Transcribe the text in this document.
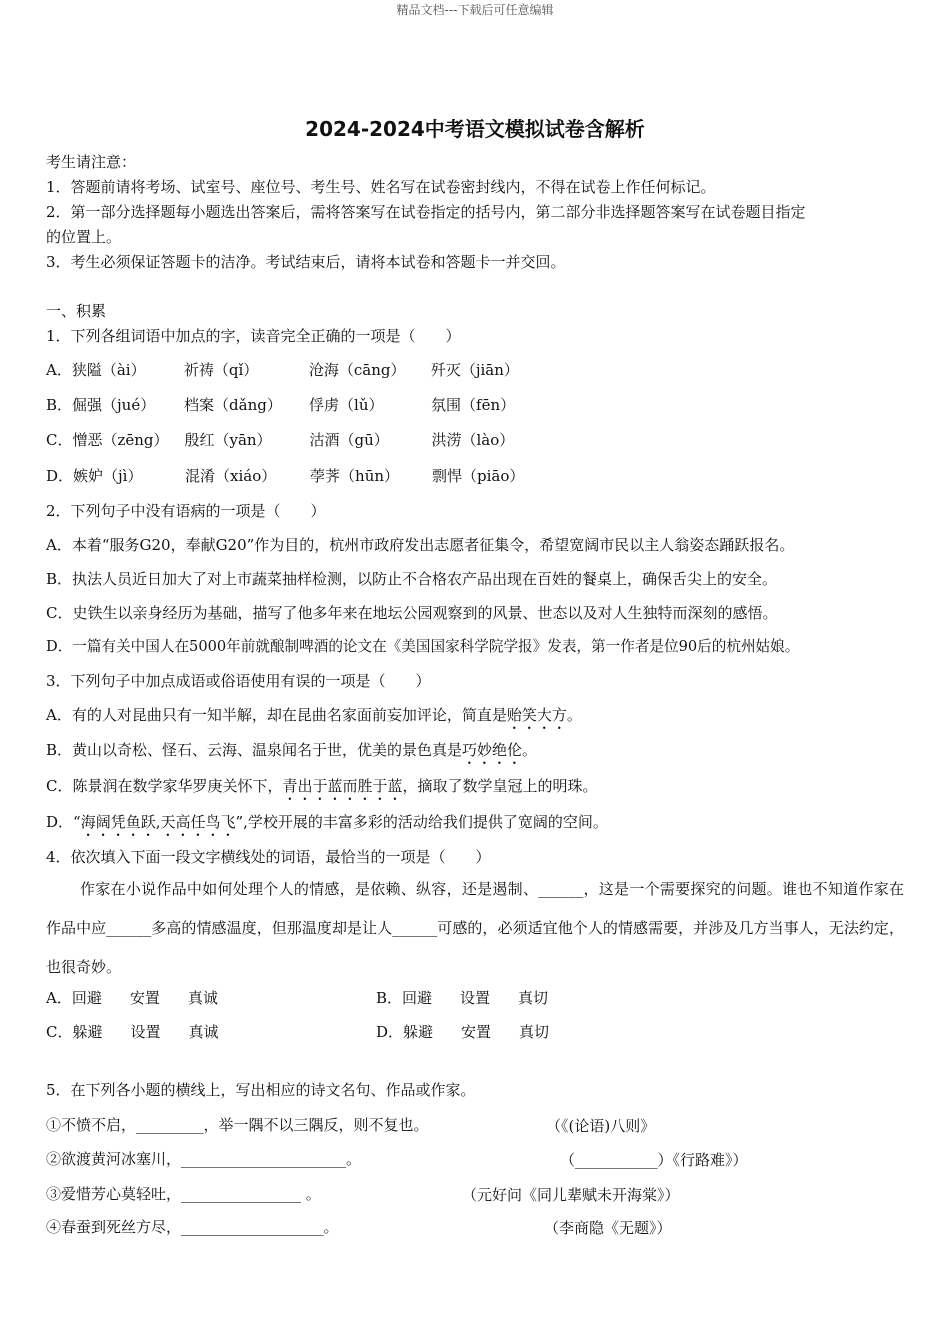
精品文档---下载后可任意编辑
2024-2024中考语文模拟试卷含解析
考生请注意：
1．答题前请将考场、试室号、座位号、考生号、姓名写在试卷密封线内，不得在试卷上作任何标记。
2．第一部分选择题每小题选出答案后，需将答案写在试卷指定的括号内，第二部分非选择题答案写在试卷题目指定
的位置上。
3．考生必须保证答题卡的洁净。考试结束后，请将本试卷和答题卡一并交回。
一、积累
1．下列各组词语中加点的字，读音完全正确的一项是（　　）
A．狭隘（ài）	祈祷（qǐ）	沧海（cāng） 歼灭（jiān）
B．倔强（jué） 档案（dǎng） 俘虏（lǔ）	氛围（fēn）
C．憎恶（zēng） 殷红（yān）	沽酒（gū）	洪涝（lào）
D．嫉妒（jì）	混淆（xiáo） 荸荠（hūn） 剽悍（piāo）
2．下列句子中没有语病的一项是（　　）
A．本着“服务G20，奉献G20”作为目的，杭州市政府发出志愿者征集令，希望宽阔市民以主人翁姿态踊跃报名。
B．执法人员近日加大了对上市蔬菜抽样检测，以防止不合格农产品出现在百姓的餐桌上，确保舌尖上的安全。
C．史铁生以亲身经历为基础，描写了他多年来在地坛公园观察到的风景、世态以及对人生独特而深刻的感悟。
D．一篇有关中国人在5000年前就酿制啤酒的论文在《美国国家科学院学报》发表，第一作者是位90后的杭州姑娘。
3．下列句子中加点成语或俗语使用有误的一项是（　　）
A．有的人对昆曲只有一知半解，却在昆曲名家面前妄加评论，简直是贻笑大方。
B．黄山以奇松、怪石、云海、温泉闻名于世，优美的景色真是巧妙绝伦。
C．陈景润在数学家华罗庚关怀下，青出于蓝而胜于蓝，摘取了数学皇冠上的明珠。
D．“海阔凭鱼跃,天高任鸟飞”,学校开展的丰富多彩的活动给我们提供了宽阔的空间。
4．依次填入下面一段文字横线处的词语，最恰当的一项是（　　）
作家在小说作品中如何处理个人的情感，是依赖、纵容，还是遏制、______，这是一个需要探究的问题。谁也不知道作家在作品中应______多高的情感温度，但那温度却是让人______可感的，必须适宜他个人的情感需要，并涉及几方当事人，无法约定，也很奇妙。
A．回避 安置 真诚	B．回避 设置 真切
C．躲避 设置 真诚	D．躲避 安置 真切
5．在下列各小题的横线上，写出相应的诗文名句、作品或作家。
①不愤不启，_________，举一隅不以三隅反，则不复也。	（《(论语)八则》
②欲渡黄河冰塞川，______________________。	（___________）《行路难》）
③爱惜芳心莫轻吐，________________ 。	（元好问《同儿辈赋未开海棠》）
④春蚕到死丝方尽，___________________。	（李商隐《无题》）
